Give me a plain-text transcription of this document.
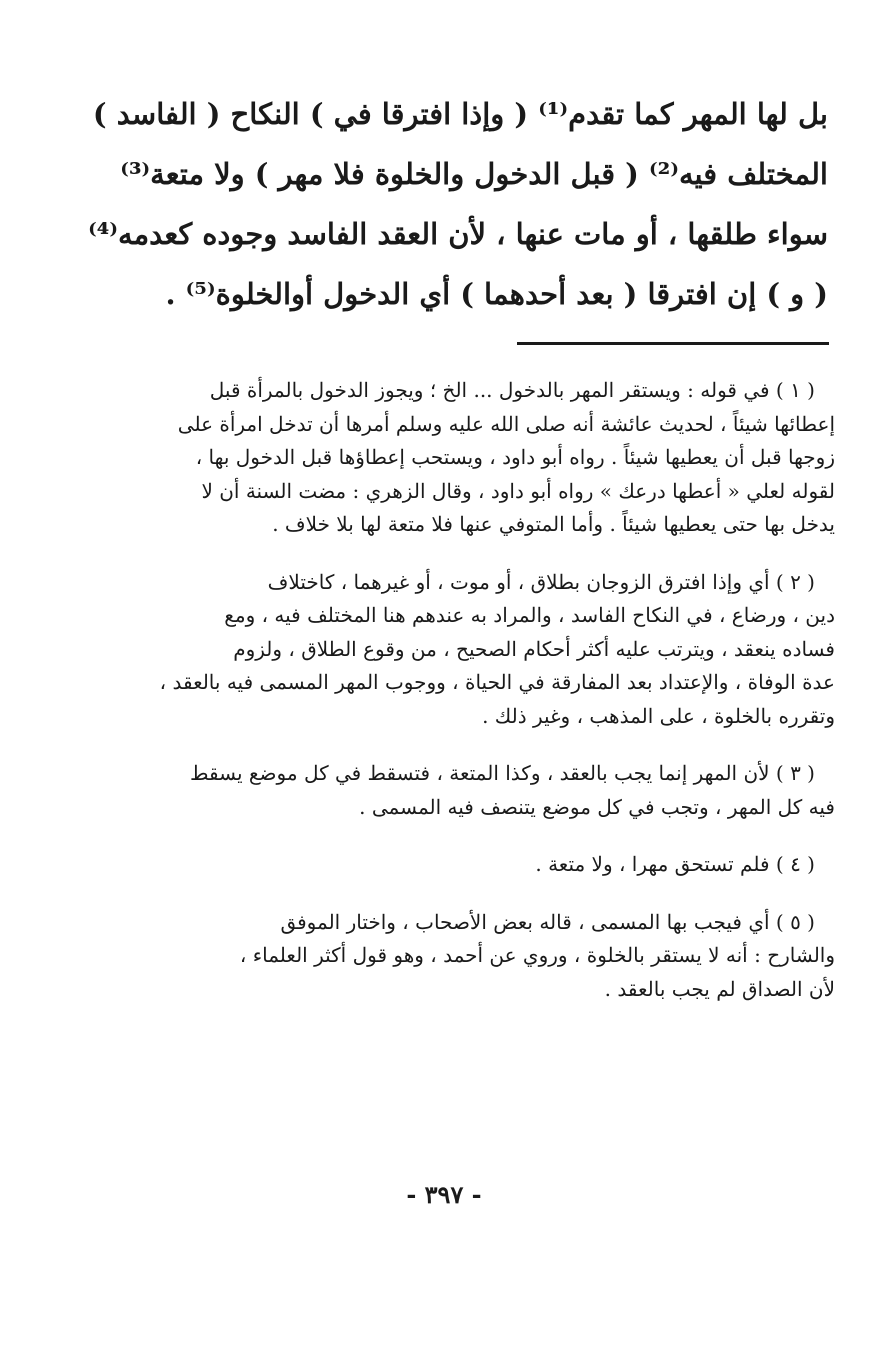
بل لها المهر كما تقدم⁽¹⁾ ( وإذا افترقا في ) النكاح ( الفاسد )
المختلف فيه⁽²⁾ ( قبل الدخول والخلوة فلا مهر ) ولا متعة⁽³⁾
سواء طلقها ، أو مات عنها ، لأن العقد الفاسد وجوده كعدمه⁽⁴⁾
( و ) إن افترقا ( بعد أحدهما ) أي الدخول أوالخلوة⁽⁵⁾ .
( ١ ) في قوله : ويستقر المهر بالدخول ... الخ ؛ ويجوز الدخول بالمرأة قبل
إعطائها شيئاً ، لحديث عائشة أنه صلى الله عليه وسلم أمرها أن تدخل امرأة على
زوجها قبل أن يعطيها شيئاً . رواه أبو داود ، ويستحب إعطاؤها قبل الدخول بها ،
لقوله لعلي « أعطها درعك » رواه أبو داود ، وقال الزهري : مضت السنة أن لا
يدخل بها حتى يعطيها شيئاً . وأما المتوفي عنها فلا متعة لها بلا خلاف .
( ٢ ) أي وإذا افترق الزوجان بطلاق ، أو موت ، أو غيرهما ، كاختلاف
دين ، ورضاع ، في النكاح الفاسد ، والمراد به عندهم هنا المختلف فيه ، ومع
فساده ينعقد ، ويترتب عليه أكثر أحكام الصحيح ، من وقوع الطلاق ، ولزوم
عدة الوفاة ، والإعتداد بعد المفارقة في الحياة ، ووجوب المهر المسمى فيه بالعقد ،
وتقرره بالخلوة ، على المذهب ، وغير ذلك .
( ٣ ) لأن المهر إنما يجب بالعقد ، وكذا المتعة ، فتسقط في كل موضع يسقط
فيه كل المهر ، وتجب في كل موضع يتنصف فيه المسمى .
( ٤ ) فلم تستحق مهرا ، ولا متعة .
( ٥ ) أي فيجب بها المسمى ، قاله بعض الأصحاب ، واختار الموفق
والشارح : أنه لا يستقر بالخلوة ، وروي عن أحمد ، وهو قول أكثر العلماء ،
لأن الصداق لم يجب بالعقد .
- ٣٩٧ -
